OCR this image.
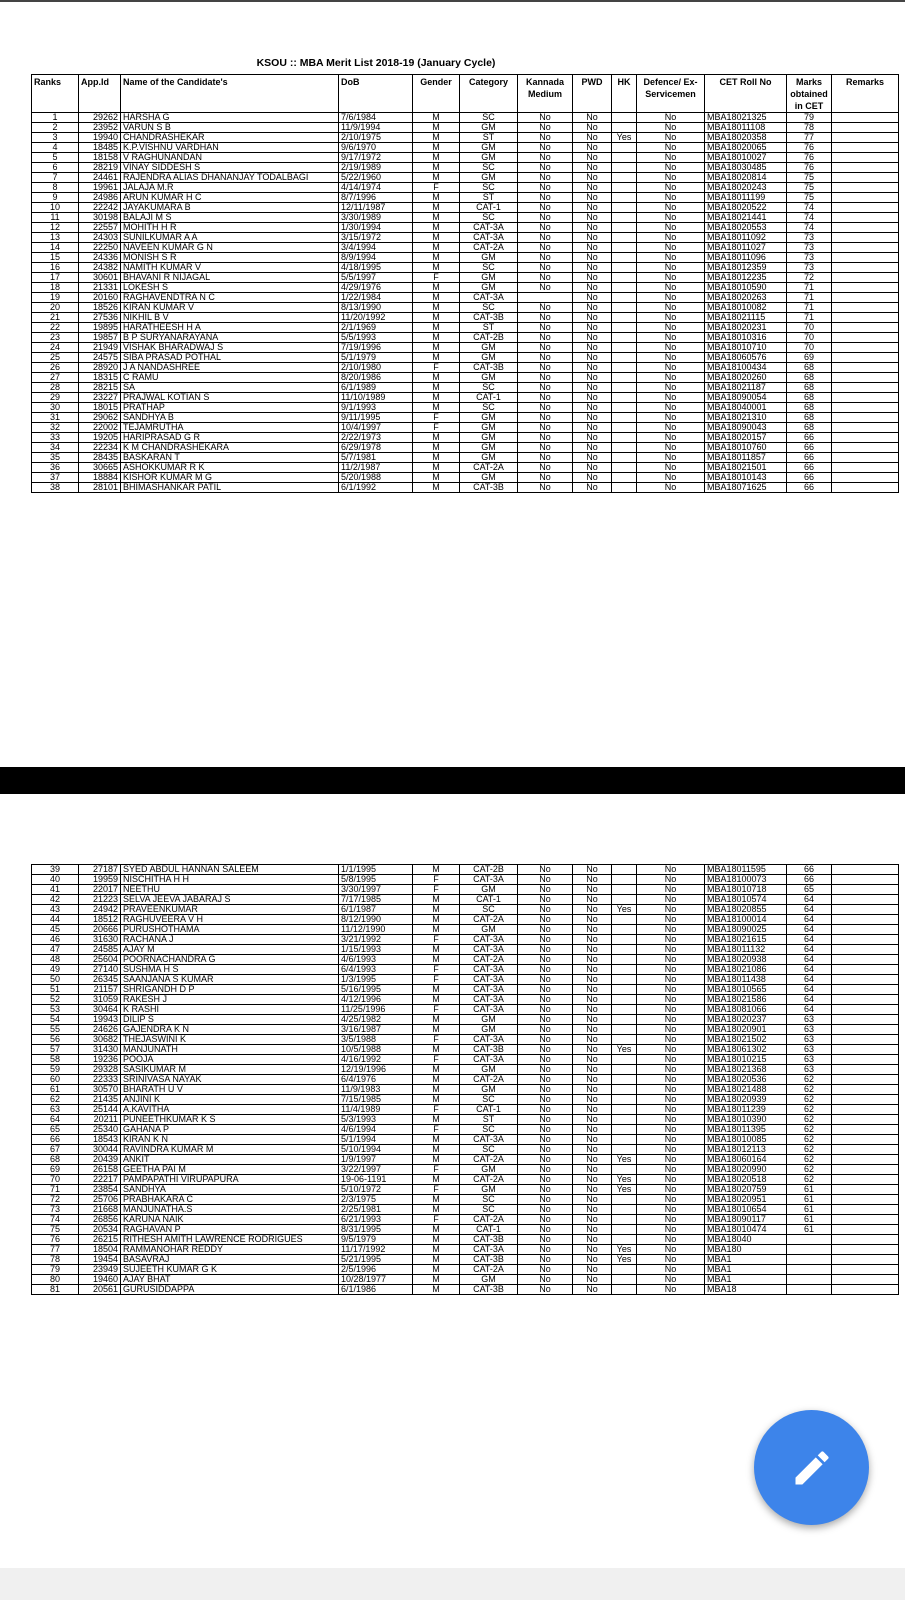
KSOU :: MBA Merit List 2018-19 (January Cycle)
Ranks	App.Id	Name of the Candidate's	DoB	Gender	Category	Kannada Medium	PWD	HK	Defence/ Ex-Servicemen	CET Roll No	Marks obtained in CET	Remarks
1	29262	HARSHA G	7/6/1984	M	SC	No	No		No	MBA18021325	79	
2	23952	VARUN S B	11/9/1994	M	GM	No	No		No	MBA18011108	78	
3	19940	CHANDRASHEKAR	2/10/1975	M	ST	No	No	Yes	No	MBA18020358	77	
4	18485	K.P.VISHNU VARDHAN	9/6/1970	M	GM	No	No		No	MBA18020065	76	
5	18158	V RAGHUNANDAN	9/17/1972	M	GM	No	No		No	MBA18010027	76	
6	28219	VINAY SIDDESH S	2/19/1989	M	SC	No	No		No	MBA18030485	76	
7	24461	RAJENDRA ALIAS DHANANJAY TODALBAGI	5/22/1960	M	GM	No	No		No	MBA18020814	75	
8	19961	JALAJA M.R	4/14/1974	F	SC	No	No		No	MBA18020243	75	
9	24986	ARUN KUMAR H C	8/7/1996	M	ST	No	No		No	MBA18011199	75	
10	22242	JAYAKUMARA B	12/11/1987	M	CAT-1	No	No		No	MBA18020522	74	
11	30198	BALAJI M S	3/30/1989	M	SC	No	No		No	MBA18021441	74	
12	22557	MOHITH H R	1/30/1994	M	CAT-3A	No	No		No	MBA18020553	74	
13	24303	SUNILKUMAR A A	3/15/1972	M	CAT-3A	No	No		No	MBA18011092	73	
14	22250	NAVEEN KUMAR G N	3/4/1994	M	CAT-2A	No	No		No	MBA18011027	73	
15	24336	MONISH S R	8/9/1994	M	GM	No	No		No	MBA18011096	73	
16	24382	NAMITH KUMAR V	4/18/1995	M	SC	No	No		No	MBA18012359	73	
17	30601	BHAVANI R NIJAGAL	5/5/1997	F	GM	No	No		No	MBA18012235	72	
18	21331	LOKESH S	4/29/1976	M	GM	No	No		No	MBA18010590	71	
19	20160	RAGHAVENDTRA N C	1/22/1984	M	CAT-3A		No		No	MBA18020263	71	
20	18526	KIRAN KUMAR V	8/13/1990	M	SC	No	No		No	MBA18010082	71	
21	27536	NIKHIL B V	11/20/1992	M	CAT-3B	No	No		No	MBA18021115	71	
22	19895	HARATHEESH H A	2/1/1969	M	ST	No	No		No	MBA18020231	70	
23	19857	B P SURYANARAYANA	5/5/1993	M	CAT-2B	No	No		No	MBA18010316	70	
24	21949	VISHAK BHARADWAJ S	7/19/1996	M	GM	No	No		No	MBA18010710	70	
25	24575	SIBA PRASAD POTHAL	5/1/1979	M	GM	No	No		No	MBA18060576	69	
26	28920	J A NANDASHREE	2/10/1980	F	CAT-3B	No	No		No	MBA18100434	68	
27	18315	C RAMU	8/20/1986	M	GM	No	No		No	MBA18020260	68	
28	28215	SA	6/1/1989	M	SC	No	No		No	MBA18021187	68	
29	23227	PRAJWAL KOTIAN S	11/10/1989	M	CAT-1	No	No		No	MBA18090054	68	
30	18015	PRATHAP	9/1/1993	M	SC	No	No		No	MBA18040001	68	
31	29062	SANDHYA B	9/11/1995	F	GM	No	No		No	MBA18021310	68	
32	22002	TEJAMRUTHA	10/4/1997	F	GM	No	No		No	MBA18090043	68	
33	19205	HARIPRASAD G R	2/22/1973	M	GM	No	No		No	MBA18020157	66	
34	22234	K M CHANDRASHEKARA	6/29/1978	M	GM	No	No		No	MBA18010760	66	
35	28435	BASKARAN T	5/7/1981	M	GM	No	No		No	MBA18011857	66	
36	30665	ASHOKKUMAR R K	11/2/1987	M	CAT-2A	No	No		No	MBA18021501	66	
37	18884	KISHOR KUMAR M G	5/20/1988	M	GM	No	No		No	MBA18010143	66	
38	28101	BHIMASHANKAR PATIL	6/1/1992	M	CAT-3B	No	No		No	MBA18071625	66	
39	27187	SYED ABDUL HANNAN SALEEM	1/1/1995	M	CAT-2B	No	No		No	MBA18011595	66	
40	19959	NISCHITHA H H	5/8/1995	F	CAT-3A	No	No		No	MBA18100073	66	
41	22017	NEETHU	3/30/1997	F	GM	No	No		No	MBA18010718	65	
42	21223	SELVA JEEVA JABARAJ S	7/17/1985	M	CAT-1	No	No		No	MBA18010574	64	
43	24942	PRAVEENKUMAR	6/1/1987	M	SC	No	No	Yes	No	MBA18020855	64	
44	18512	RAGHUVEERA V H	8/12/1990	M	CAT-2A	No	No		No	MBA18100014	64	
45	20666	PURUSHOTHAMA	11/12/1990	M	GM	No	No		No	MBA18090025	64	
46	31630	RACHANA J	3/21/1992	F	CAT-3A	No	No		No	MBA18021615	64	
47	24585	AJAY M	1/15/1993	M	CAT-3A	No	No		No	MBA18011132	64	
48	25604	POORNACHANDRA G	4/6/1993	M	CAT-2A	No	No		No	MBA18020938	64	
49	27140	SUSHMA H S	6/4/1993	F	CAT-3A	No	No		No	MBA18021086	64	
50	26345	SAANJANA S KUMAR	1/3/1995	F	CAT-3A	No	No		No	MBA18011438	64	
51	21157	SHRIGANDH D P	5/16/1995	M	CAT-3A	No	No		No	MBA18010565	64	
52	31059	RAKESH J	4/12/1996	M	CAT-3A	No	No		No	MBA18021586	64	
53	30464	K RASHI	11/25/1996	F	CAT-3A	No	No		No	MBA18081066	64	
54	19943	DILIP S	4/25/1982	M	GM	No	No		No	MBA18020237	63	
55	24626	GAJENDRA K N	3/16/1987	M	GM	No	No		No	MBA18020901	63	
56	30682	THEJASWINI K	3/5/1988	F	CAT-3A	No	No		No	MBA18021502	63	
57	31430	MANJUNATH	10/5/1988	M	CAT-3B	No	No	Yes	No	MBA18061302	63	
58	19236	POOJA	4/16/1992	F	CAT-3A	No	No		No	MBA18010215	63	
59	29328	SASIKUMAR M	12/19/1996	M	GM	No	No		No	MBA18021368	63	
60	22333	SRINIVASA NAYAK	6/4/1976	M	CAT-2A	No	No		No	MBA18020536	62	
61	30570	BHARATH U V	11/9/1983	M	GM	No	No		No	MBA18021488	62	
62	21435	ANJINI K	7/15/1985	M	SC	No	No		No	MBA18020939	62	
63	25144	A.KAVITHA	11/4/1989	F	CAT-1	No	No		No	MBA18011239	62	
64	20211	PUNEETHKUMAR K S	5/3/1993	M	ST	No	No		No	MBA18010390	62	
65	25340	GAHANA P	4/6/1994	F	SC	No	No		No	MBA18011395	62	
66	18543	KIRAN K N	5/1/1994	M	CAT-3A	No	No		No	MBA18010085	62	
67	30044	RAVINDRA KUMAR M	5/10/1994	M	SC	No	No		No	MBA18012113	62	
68	20439	ANKIT	1/9/1997	M	CAT-2A	No	No	Yes	No	MBA18060164	62	
69	26158	GEETHA PAI M	3/22/1997	F	GM	No	No		No	MBA18020990	62	
70	22217	PAMPAPATHI VIRUPAPURA	19-06-1191	M	CAT-2A	No	No	Yes	No	MBA18020518	62	
71	23854	SANDHYA	5/10/1972	F	GM	No	No	Yes	No	MBA18020759	61	
72	25706	PRABHAKARA C	2/3/1975	M	SC	No	No		No	MBA18020951	61	
73	21668	MANJUNATHA.S	2/25/1981	M	SC	No	No		No	MBA18010654	61	
74	26856	KARUNA NAIK	6/21/1993	F	CAT-2A	No	No		No	MBA18090117	61	
75	20534	RAGHAVAN P	8/31/1995	M	CAT-1	No	No		No	MBA18010474	61	
76	26215	RITHESH AMITH LAWRENCE RODRIGUES	9/5/1979	M	CAT-3B	No	No		No	MBA18040		
77	18504	RAMMANOHAR REDDY	11/17/1992	M	CAT-3A	No	No	Yes	No	MBA180		
78	19454	BASAVRAJ	5/21/1995	M	CAT-3B	No	No	Yes	No	MBA1		
79	23949	SUJEETH KUMAR G K	2/5/1996	M	CAT-2A	No	No		No	MBA1		
80	19460	AJAY BHAT	10/28/1977	M	GM	No	No		No	MBA1		
81	20561	GURUSIDDAPPA	6/1/1986	M	CAT-3B	No	No		No	MBA18		
